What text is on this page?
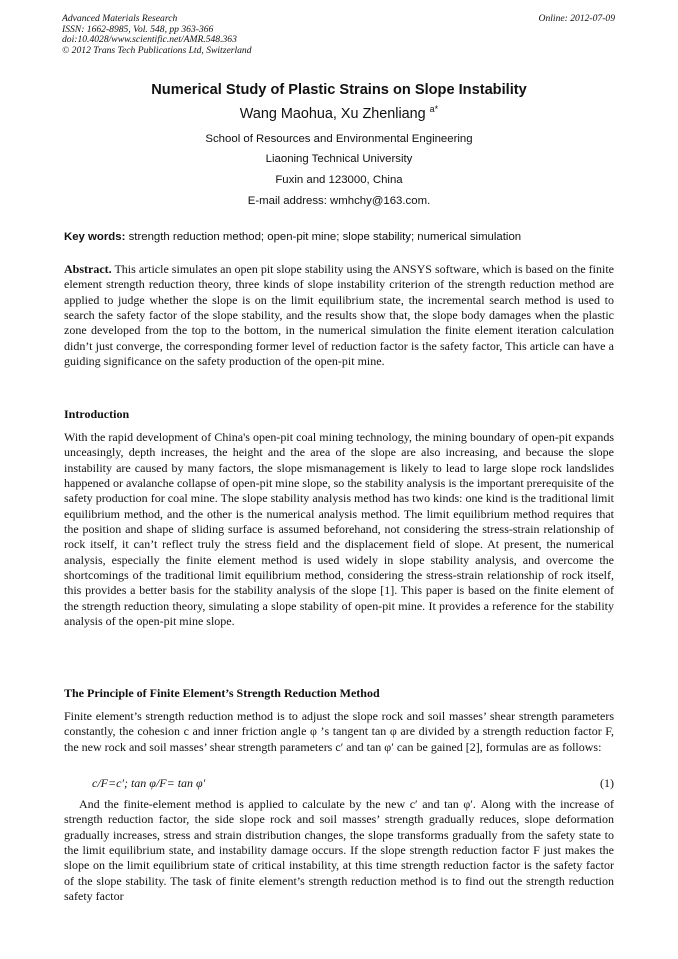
Advanced Materials Research
ISSN: 1662-8985, Vol. 548, pp 363-366
doi:10.4028/www.scientific.net/AMR.548.363
© 2012 Trans Tech Publications Ltd, Switzerland
Online: 2012-07-09
Numerical Study of Plastic Strains on Slope Instability
Wang Maohua, Xu Zhenliang $^{a*}$
School of Resources and Environmental Engineering
Liaoning Technical University
Fuxin and 123000, China
E-mail address: wmhchy@163.com.
Key words: strength reduction method; open-pit mine; slope stability; numerical simulation

Abstract. This article simulates an open pit slope stability using the ANSYS software, which is based on the finite element strength reduction theory, three kinds of slope instability criterion of the strength reduction method are applied to judge whether the slope is on the limit equilibrium state, the incremental search method is used to search the safety factor of the slope stability, and the results show that, the slope body damages when the plastic zone developed from the top to the bottom, in the numerical simulation the finite element iteration calculation didn’t just converge, the corresponding former level of reduction factor is the safety factor, This article can have a guiding significance on the safety production of the open-pit mine.

Introduction

With the rapid development of China's open-pit coal mining technology, the mining boundary of open-pit expands unceasingly, depth increases, the height and the area of the slope are also increasing, and because the slope instability are caused by many factors, the slope mismanagement is likely to lead to large slope rock landslides happened or avalanche collapse of open-pit mine slope, so the stability analysis is the important prerequisite of the safety production for coal mine. The slope stability analysis method has two kinds: one kind is the traditional limit equilibrium method, and the other is the numerical analysis method. The limit equilibrium method requires that the position and shape of sliding surface is assumed beforehand, not considering the stress-strain relationship of rock itself, it can’t reflect truly the stress field and the displacement field of slope. At present, the numerical analysis, especially the finite element method is used widely in slope stability analysis, and overcome the shortcomings of the traditional limit equilibrium method, considering the stress-strain relationship of rock itself, this provides a better basis for the stability analysis of the slope [1]. This paper is based on the finite element of the strength reduction theory, simulating a slope stability of open-pit mine. It provides a reference for the stability analysis of the open-pit mine slope.

The Principle of Finite Element’s Strength Reduction Method

Finite element’s strength reduction method is to adjust the slope rock and soil masses’ shear strength parameters constantly, the cohesion c and inner friction angle φ ’s tangent tan φ are divided by a strength reduction factor F, the new rock and soil masses’ shear strength parameters c′ and tan φ′ can be gained [2], formulas are as follows:

c/F=c'; tan φ/F= tan φ'	(1)

And the finite-element method is applied to calculate by the new c′ and tan φ′. Along with the increase of strength reduction factor, the side slope rock and soil masses’ strength gradually reduces, slope deformation gradually increases, stress and strain distribution changes, the slope transforms gradually from the safety state to the limit equilibrium state, and instability damage occurs. If the slope strength reduction factor F just makes the slope on the limit equilibrium state of critical instability, at this time strength reduction factor is the safety factor of the slope stability. The task of finite element’s strength reduction method is to find out the strength reduction safety factor
